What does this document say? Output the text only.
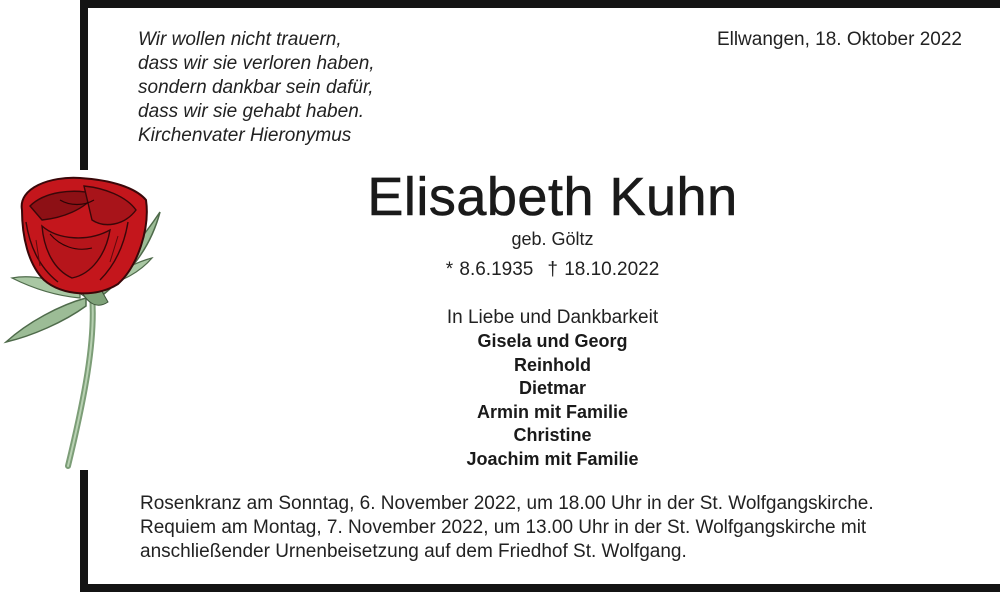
Wir wollen nicht trauern,
dass wir sie verloren haben,
sondern dankbar sein dafür,
dass wir sie gehabt haben.
Kirchenvater Hieronymus
Ellwangen, 18. Oktober 2022
Elisabeth Kuhn
geb. Göltz
* 8.6.1935 † 18.10.2022
In Liebe und Dankbarkeit
Gisela und Georg
Reinhold
Dietmar
Armin mit Familie
Christine
Joachim mit Familie
Rosenkranz am Sonntag, 6. November 2022, um 18.00 Uhr in der St. Wolfgangskirche.
Requiem am Montag, 7. November 2022, um 13.00 Uhr in der St. Wolfgangskirche mit
anschließender Urnenbeisetzung auf dem Friedhof St. Wolfgang.
